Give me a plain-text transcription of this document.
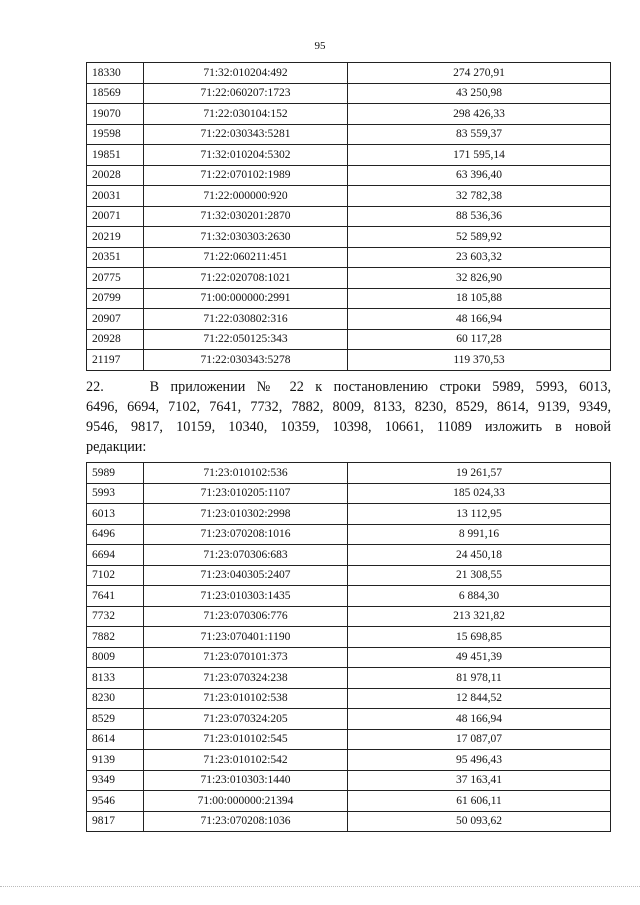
95
18330	71:32:010204:492	274 270,91
18569	71:22:060207:1723	43 250,98
19070	71:22:030104:152	298 426,33
19598	71:22:030343:5281	83 559,37
19851	71:32:010204:5302	171 595,14
20028	71:22:070102:1989	63 396,40
20031	71:22:000000:920	32 782,38
20071	71:32:030201:2870	88 536,36
20219	71:32:030303:2630	52 589,92
20351	71:22:060211:451	23 603,32
20775	71:22:020708:1021	32 826,90
20799	71:00:000000:2991	18 105,88
20907	71:22:030802:316	48 166,94
20928	71:22:050125:343	60 117,28
21197	71:22:030343:5278	119 370,53
22.    В приложении № 22 к постановлению строки 5989, 5993, 6013,
6496, 6694, 7102, 7641, 7732, 7882, 8009, 8133, 8230, 8529, 8614, 9139, 9349,
9546, 9817, 10159, 10340, 10359, 10398, 10661, 11089 изложить в новой
редакции:
5989	71:23:010102:536	19 261,57
5993	71:23:010205:1107	185 024,33
6013	71:23:010302:2998	13 112,95
6496	71:23:070208:1016	8 991,16
6694	71:23:070306:683	24 450,18
7102	71:23:040305:2407	21 308,55
7641	71:23:010303:1435	6 884,30
7732	71:23:070306:776	213 321,82
7882	71:23:070401:1190	15 698,85
8009	71:23:070101:373	49 451,39
8133	71:23:070324:238	81 978,11
8230	71:23:010102:538	12 844,52
8529	71:23:070324:205	48 166,94
8614	71:23:010102:545	17 087,07
9139	71:23:010102:542	95 496,43
9349	71:23:010303:1440	37 163,41
9546	71:00:000000:21394	61 606,11
9817	71:23:070208:1036	50 093,62
